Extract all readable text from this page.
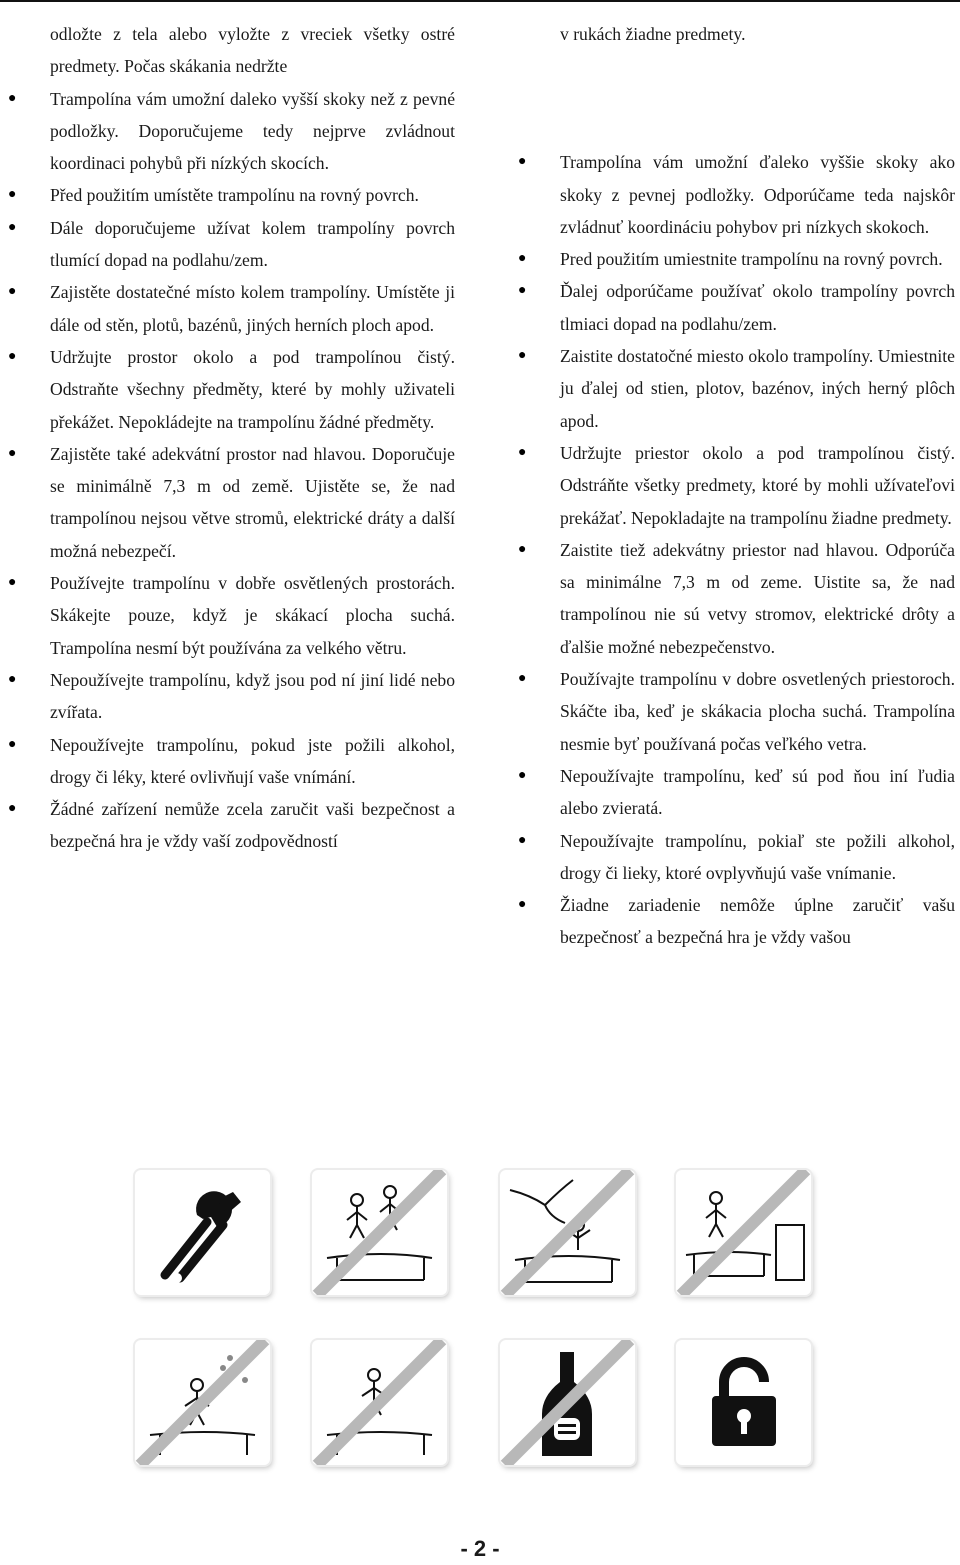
odložte z tela alebo vyložte z vreciek všetky ostré predmety. Počas skákania nedržte

● Trampolína vám umožní daleko vyšší skoky než z pevné podložky. Doporučujeme tedy nejprve zvládnout koordinaci pohybů při nízkých skocích.

● Před použitím umístěte trampolínu na rovný povrch.

● Dále doporučujeme užívat kolem trampolíny povrch tlumící dopad na podlahu/zem.

● Zajistěte dostatečné místo kolem trampolíny. Umístěte ji dále od stěn, plotů, bazénů, jiných herních ploch apod.

● Udržujte prostor okolo a pod trampolínou čistý. Odstraňte všechny předměty, které by mohly uživateli překážet. Nepokládejte na trampolínu žádné předměty.

● Zajistěte také adekvátní prostor nad hlavou. Doporučuje se minimálně 7,3 m od země. Ujistěte se, že nad trampolínou nejsou větve stromů, elektrické dráty a další možná nebezpečí.

● Používejte trampolínu v dobře osvětlených prostorách. Skákejte pouze, když je skákací plocha suchá. Trampolína nesmí být používána za velkého větru.

● Nepoužívejte trampolínu, když jsou pod ní jiní lidé nebo zvířata.

● Nepoužívejte trampolínu, pokud jste požili alkohol, drogy či léky, které ovlivňují vaše vnímání.

● Žádné zařízení nemůže zcela zaručit vaši bezpečnost a bezpečná hra je vždy vaší zodpovědností

v rukách žiadne predmety.

● Trampolína vám umožní ďaleko vyššie skoky ako skoky z pevnej podložky. Odporúčame teda najskôr zvládnuť koordináciu pohybov pri nízkych skokoch.

● Pred použitím umiestnite trampolínu na rovný povrch.

● Ďalej odporúčame používať okolo trampolíny povrch tlmiaci dopad na podlahu/zem.

● Zaistite dostatočné miesto okolo trampolíny. Umiestnite ju ďalej od stien, plotov, bazénov, iných herný plôch apod.

● Udržujte priestor okolo a pod trampolínou čistý. Odstráňte všetky predmety, ktoré by mohli užívateľovi prekážať. Nepokladajte na trampolínu žiadne predmety.

● Zaistite tiež adekvátny priestor nad hlavou. Odporúča sa minimálne 7,3 m od zeme. Uistite sa, že nad trampolínou nie sú vetvy stromov, elektrické drôty a ďalšie možné nebezpečenstvo.

● Používajte trampolínu v dobre osvetlených priestoroch. Skáčte iba, keď je skákacia plocha suchá. Trampolína nesmie byť používaná počas veľkého vetra.

● Nepoužívajte trampolínu, keď sú pod ňou iní ľudia alebo zvieratá.

● Nepoužívajte trampolínu, pokiaľ ste požili alkohol, drogy či lieky, ktoré ovplyvňujú vaše vnímanie.

● Žiadne zariadenie nemôže úplne zaručiť vašu bezpečnosť a bezpečná hra je vždy vašou

- 2 -
